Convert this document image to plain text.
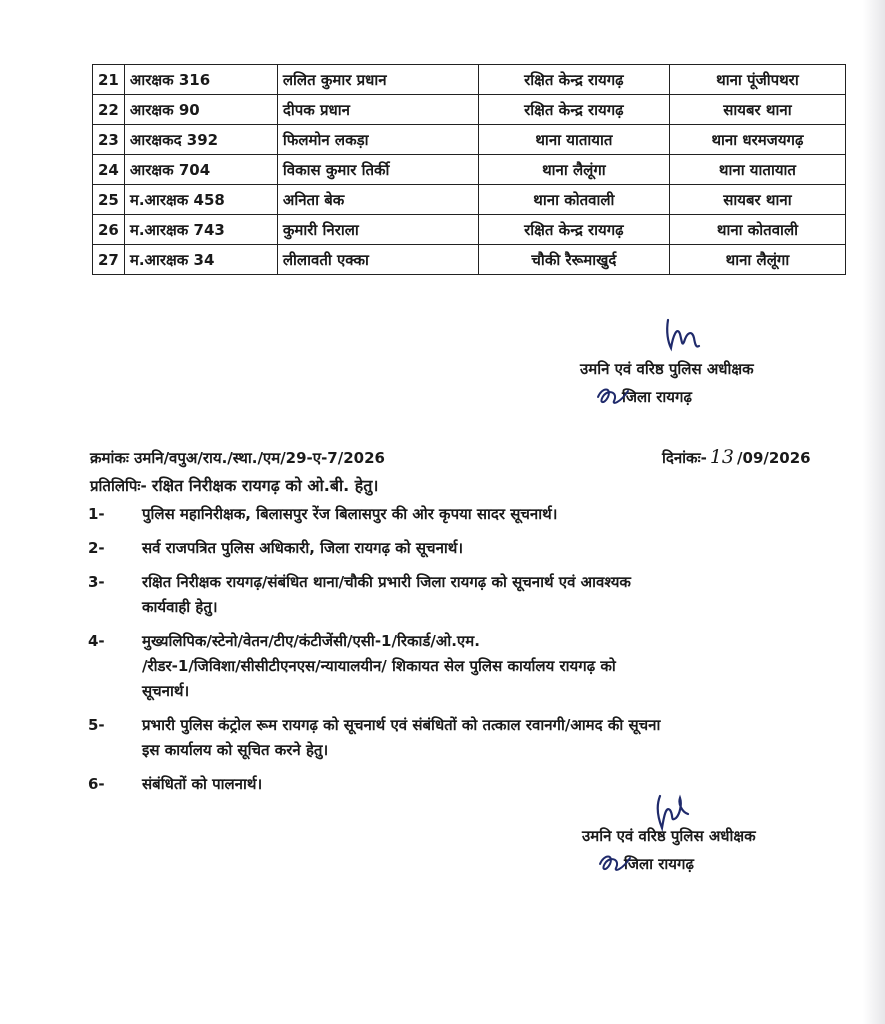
21	आरक्षक 316	ललित कुमार प्रधान	रक्षित केन्द्र रायगढ़	थाना पूंजीपथरा
22	आरक्षक 90	दीपक प्रधान	रक्षित केन्द्र रायगढ़	सायबर थाना
23	आरक्षकद 392	फिलमोन लकड़ा	थाना यातायात	थाना धरमजयगढ़
24	आरक्षक 704	विकास कुमार तिर्की	थाना लैलूंगा	थाना यातायात
25	म.आरक्षक 458	अनिता बेक	थाना कोतवाली	सायबर थाना
26	म.आरक्षक 743	कुमारी निराला	रक्षित केन्द्र रायगढ़	थाना कोतवाली
27	म.आरक्षक 34	लीलावती एक्का	चौकी रैरूमाखुर्द	थाना लैलूंगा
उमनि एवं वरिष्ठ पुलिस अधीक्षक
जिला रायगढ़
क्रमांकः उमनि/वपुअ/राय./स्था./एम/29-ए-7/2026	दिनांकः- 13 /09/2026
प्रतिलिपिः- रक्षित निरीक्षक रायगढ़ को ओ.बी. हेतु।
1-	पुलिस महानिरीक्षक, बिलासपुर रेंज बिलासपुर की ओर कृपया सादर सूचनार्थ।
2-	सर्व राजपत्रित पुलिस अधिकारी, जिला रायगढ़ को सूचनार्थ।
3-	रक्षित निरीक्षक रायगढ़/संबंधित थाना/चौकी प्रभारी जिला रायगढ़ को सूचनार्थ एवं आवश्यक
कार्यवाही हेतु।
4-	मुख्यलिपिक/स्टेनो/वेतन/टीए/कंटीजेंसी/एसी-1/रिकार्ड/ओ.एम.
/रीडर-1/जिविशा/सीसीटीएनएस/न्यायालयीन/ शिकायत सेल पुलिस कार्यालय रायगढ़ को
सूचनार्थ।
5-	प्रभारी पुलिस कंट्रोल रूम रायगढ़ को सूचनार्थ एवं संबंधितों को तत्काल रवानगी/आमद की सूचना
इस कार्यालय को सूचित करने हेतु।
6-	संबंधितों को पालनार्थ।
उमनि एवं वरिष्ठ पुलिस अधीक्षक
जिला रायगढ़
